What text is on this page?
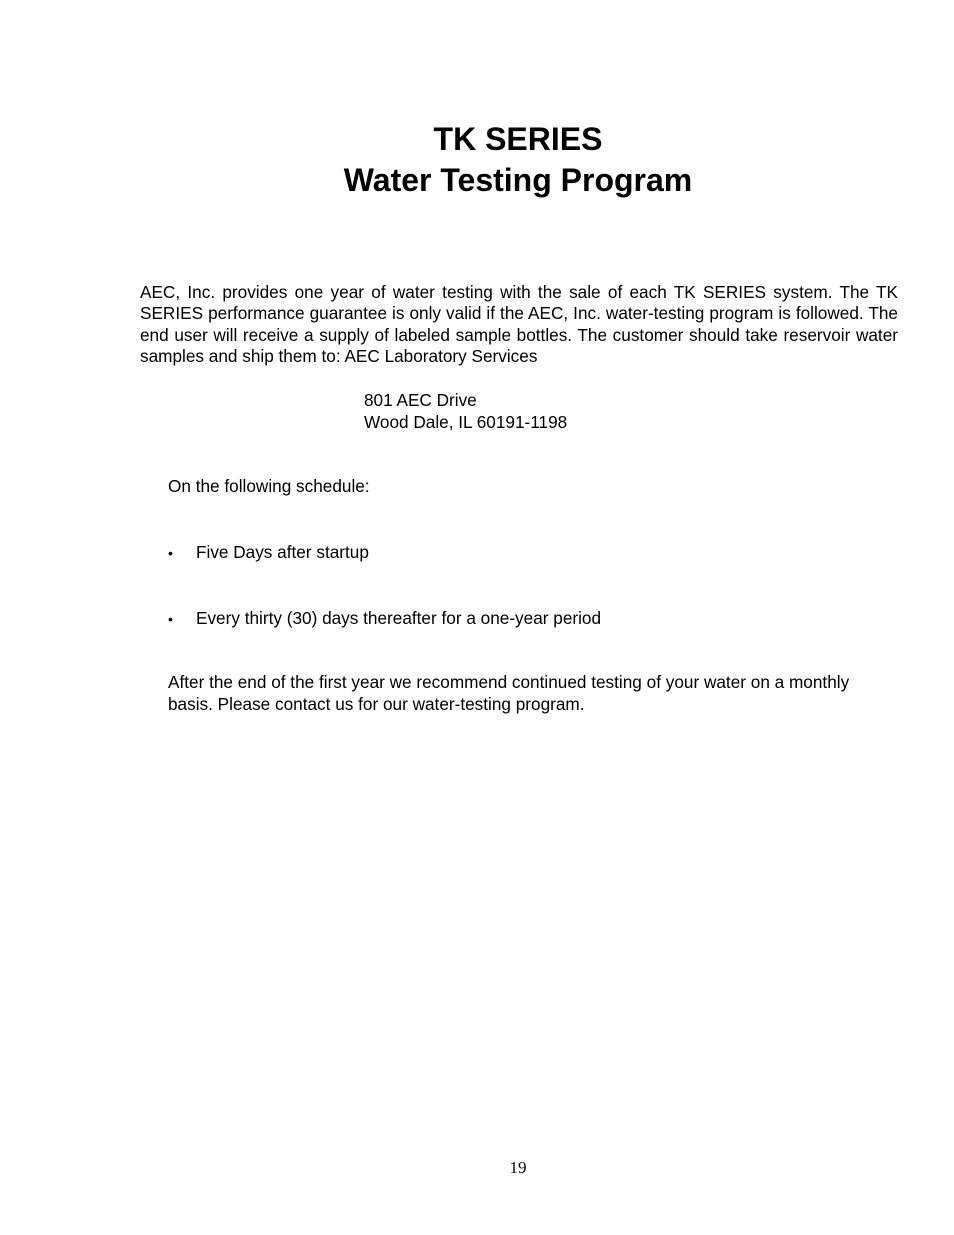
TK SERIES
Water Testing Program

AEC, Inc. provides one year of water testing with the sale of each TK SERIES system. The TK SERIES performance guarantee is only valid if the AEC, Inc. water-testing program is followed. The end user will receive a supply of labeled sample bottles. The customer should take reservoir water samples and ship them to: AEC Laboratory Services

801 AEC Drive
Wood Dale, IL 60191-1198
On the following schedule:
• Five Days after startup
• Every thirty (30) days thereafter for a one-year period

After the end of the first year we recommend continued testing of your water on a monthly basis. Please contact us for our water-testing program.

19
